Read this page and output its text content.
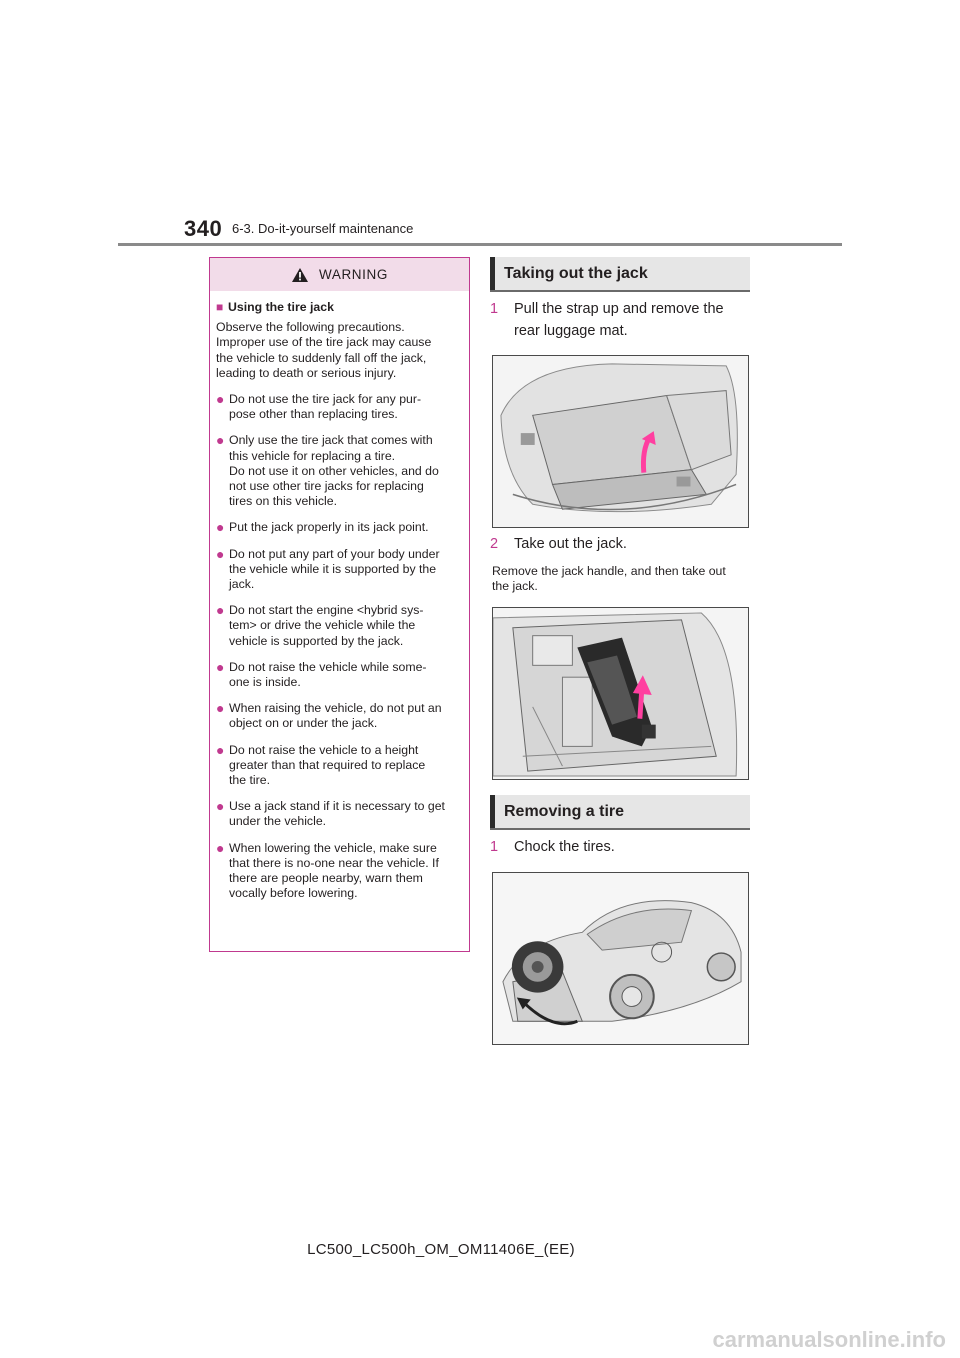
340 6-3. Do-it-yourself maintenance
WARNING
■ Using the tire jack
Observe the following precautions.
Improper use of the tire jack may cause
the vehicle to suddenly fall off the jack,
leading to death or serious injury.
● Do not use the tire jack for any pur-
pose other than replacing tires.
● Only use the tire jack that comes with
this vehicle for replacing a tire.
Do not use it on other vehicles, and do
not use other tire jacks for replacing
tires on this vehicle.
● Put the jack properly in its jack point.
● Do not put any part of your body under
the vehicle while it is supported by the
jack.
● Do not start the engine <hybrid sys-
tem> or drive the vehicle while the
vehicle is supported by the jack.
● Do not raise the vehicle while some-
one is inside.
● When raising the vehicle, do not put an
object on or under the jack.
● Do not raise the vehicle to a height
greater than that required to replace
the tire.
● Use a jack stand if it is necessary to get
under the vehicle.
● When lowering the vehicle, make sure
that there is no-one near the vehicle. If
there are people nearby, warn them
vocally before lowering.
Taking out the jack
1	Pull the strap up and remove the
rear luggage mat.
2	Take out the jack.
Remove the jack handle, and then take out
the jack.
Removing a tire
1	Chock the tires.
LC500_LC500h_OM_OM11406E_(EE)
carmanualsonline.info
